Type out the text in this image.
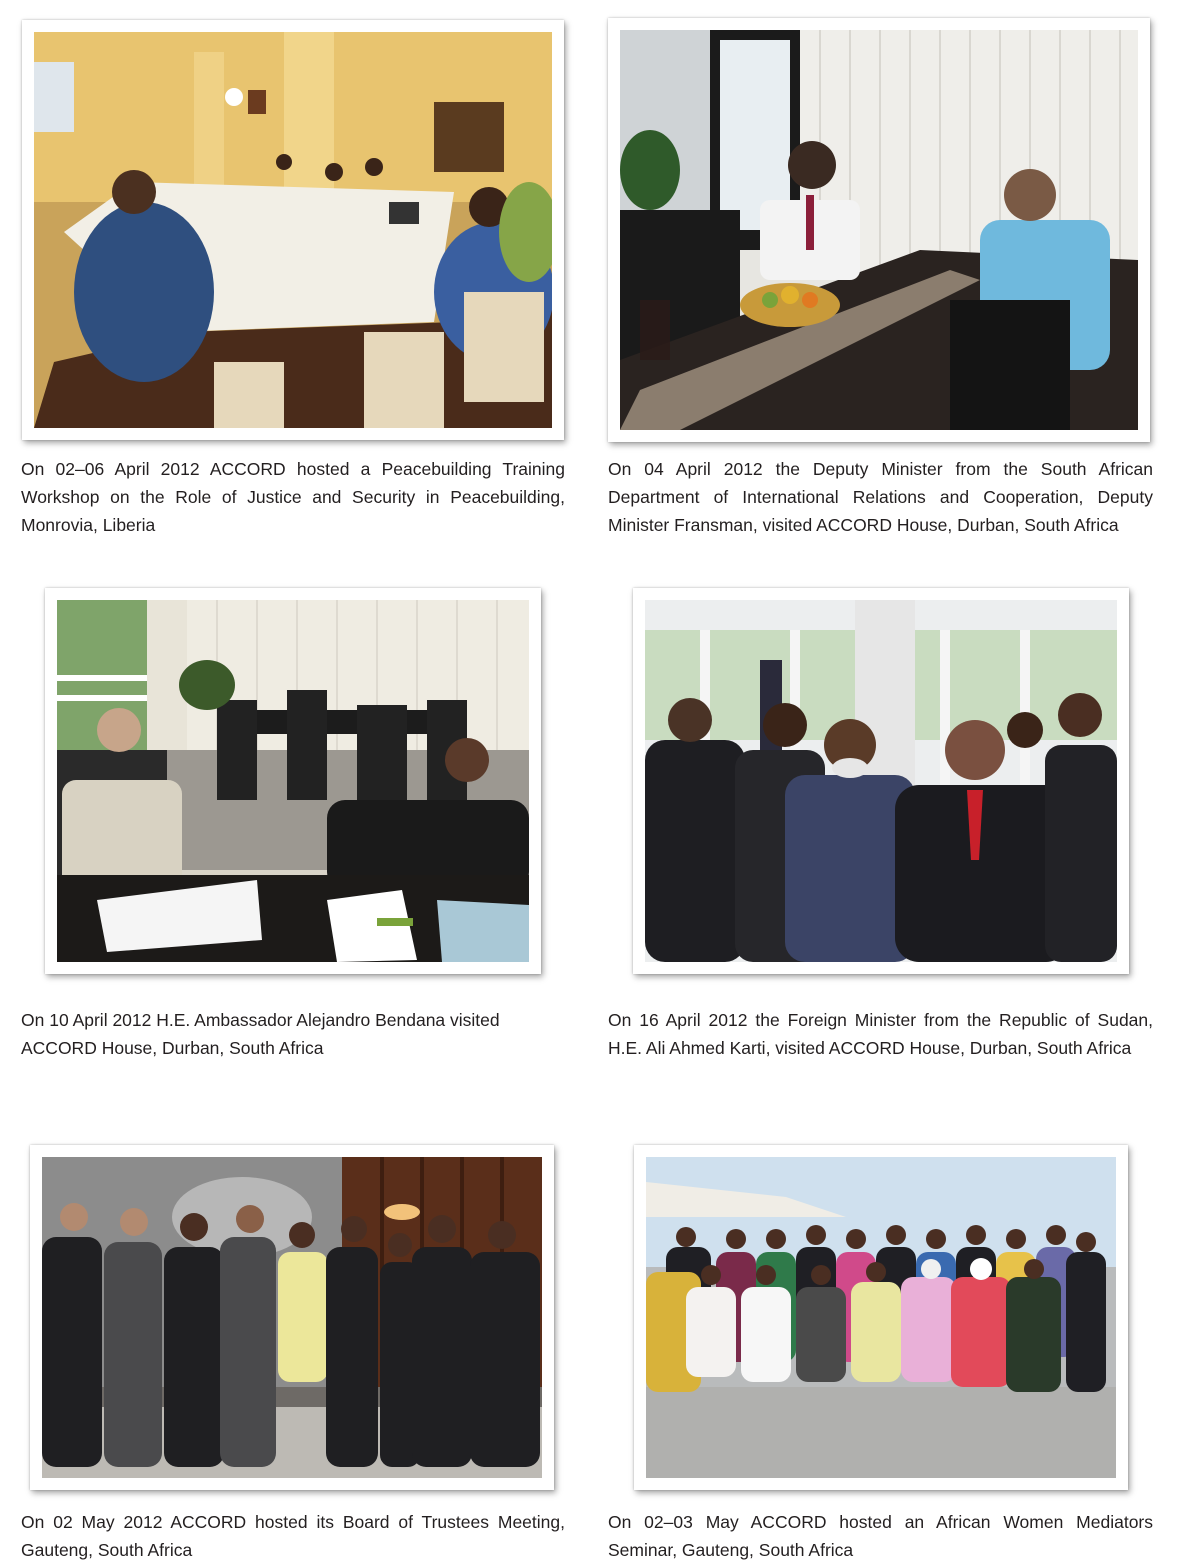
On 02–06 April 2012 ACCORD hosted a Peacebuilding Training Workshop on the Role of Justice and Security in Peacebuilding, Monrovia, Liberia

On 04 April 2012 the Deputy Minister from the South African Department of International Relations and Cooperation, Deputy Minister Fransman, visited ACCORD House, Durban, South Africa

On 10 April 2012 H.E. Ambassador Alejandro Bendana visited ACCORD House, Durban, South Africa

On 16 April 2012 the Foreign Minister from the Republic of Sudan, H.E. Ali Ahmed Karti, visited ACCORD House, Durban, South Africa

On 02 May 2012 ACCORD hosted its Board of Trustees Meeting, Gauteng, South Africa

On 02–03 May ACCORD hosted an African Women Mediators Seminar, Gauteng, South Africa
